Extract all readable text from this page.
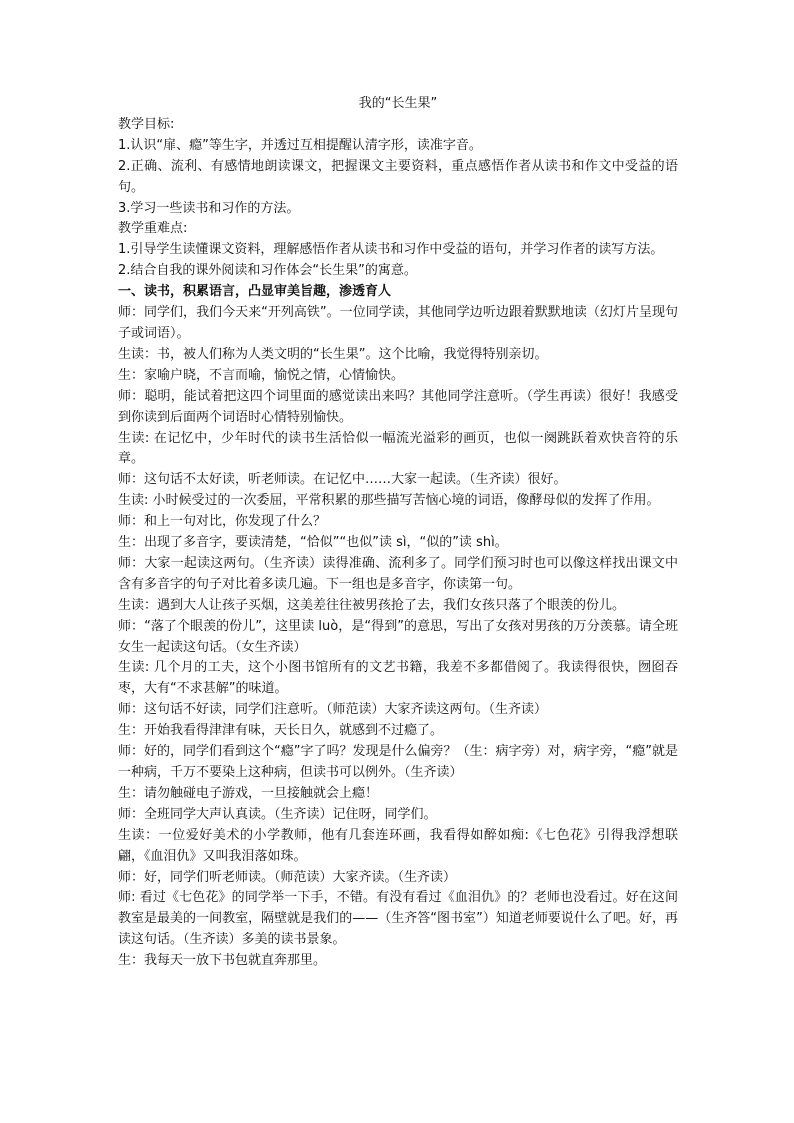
我的“长生果”

教学目标:

1.认识“扉、瘾”等生字，并透过互相提醒认清字形，读准字音。

2.正确、流利、有感情地朗读课文，把握课文主要资料，重点感悟作者从读书和作文中受益的语句。

3.学习一些读书和习作的方法。

教学重难点:

1.引导学生读懂课文资料，理解感悟作者从读书和习作中受益的语句，并学习作者的读写方法。

2.结合自我的课外阅读和习作体会“长生果”的寓意。

一、读书，积累语言，凸显审美旨趣，渗透育人

师：同学们，我们今天来“开列高铁”。一位同学读，其他同学边听边跟着默默地读（幻灯片呈现句子或词语）。

生读：书，被人们称为人类文明的“长生果”。这个比喻，我觉得特别亲切。

生：家喻户晓，不言而喻，愉悦之情，心情愉快。

师：聪明，能试着把这四个词里面的感觉读出来吗？其他同学注意听。（学生再读）很好！我感受到你读到后面两个词语时心情特别愉快。

生读: 在记忆中，少年时代的读书生活恰似一幅流光溢彩的画页，也似一阕跳跃着欢快音符的乐章。

师：这句话不太好读，听老师读。在记忆中……大家一起读。（生齐读）很好。

生读: 小时候受过的一次委屈，平常积累的那些描写苦恼心境的词语，像酵母似的发挥了作用。

师：和上一句对比，你发现了什么？

生：出现了多音字，要读清楚，“恰似”“也似”读 sì，“似的”读 shì。

师：大家一起读这两句。（生齐读）读得准确、流利多了。同学们预习时也可以像这样找出课文中含有多音字的句子对比着多读几遍。下一组也是多音字，你读第一句。

生读：遇到大人让孩子买烟，这美差往往被男孩抢了去，我们女孩只落了个眼羡的份儿。

师：“落了个眼羡的份儿”，这里读 luò，是“得到”的意思，写出了女孩对男孩的万分羡慕。请全班女生一起读这句话。（女生齐读）

生读: 几个月的工夫，这个小图书馆所有的文艺书籍，我差不多都借阅了。我读得很快，囫囵吞枣，大有“不求甚解”的味道。

师：这句话不好读，同学们注意听。（师范读）大家齐读这两句。（生齐读）

生：开始我看得津津有味，天长日久，就感到不过瘾了。

师：好的，同学们看到这个“瘾”字了吗？发现是什么偏旁？（生：病字旁）对，病字旁，“瘾”就是一种病，千万不要染上这种病，但读书可以例外。（生齐读）

生：请勿触碰电子游戏，一旦接触就会上瘾！

师：全班同学大声认真读。（生齐读）记住呀，同学们。

生读：一位爱好美术的小学教师，他有几套连环画，我看得如醉如痴:《七色花》引得我浮想联翩，《血泪仇》又叫我泪落如珠。

师：好，同学们听老师读。（师范读）大家齐读。（生齐读）

师: 看过《七色花》的同学举一下手，不错。有没有看过《血泪仇》的？老师也没看过。好在这间教室是最美的一间教室，隔壁就是我们的——（生齐答“图书室”）知道老师要说什么了吧。好，再读这句话。（生齐读）多美的读书景象。

生：我每天一放下书包就直奔那里。
